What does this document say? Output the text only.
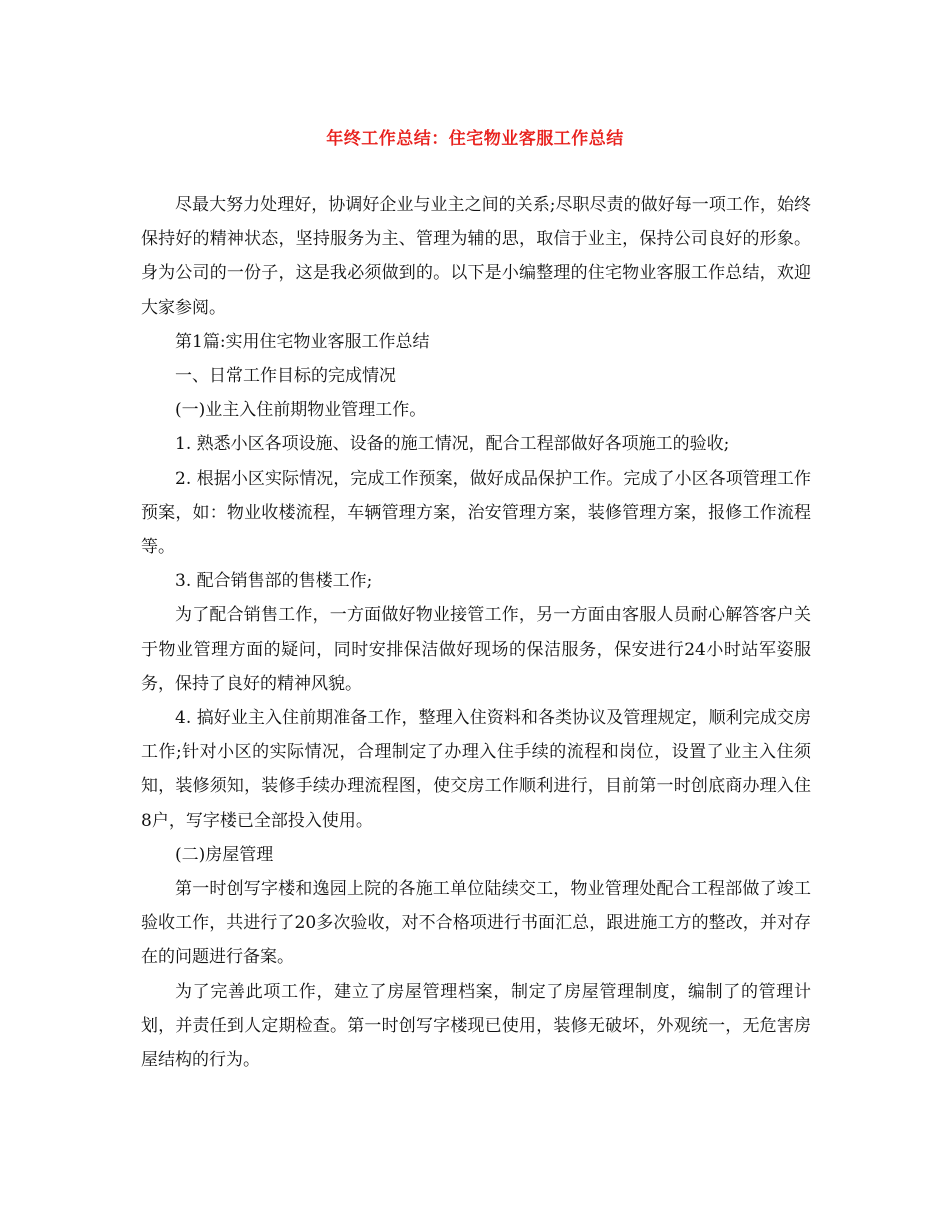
年终工作总结：住宅物业客服工作总结

尽最大努力处理好，协调好企业与业主之间的关系;尽职尽责的做好每一项工作，始终保持好的精神状态，坚持服务为主、管理为辅的思，取信于业主，保持公司良好的形象。身为公司的一份子，这是我必须做到的。以下是小编整理的住宅物业客服工作总结，欢迎大家参阅。

第1篇:实用住宅物业客服工作总结

一、日常工作目标的完成情况

(一)业主入住前期物业管理工作。

1. 熟悉小区各项设施、设备的施工情况，配合工程部做好各项施工的验收;

2. 根据小区实际情况，完成工作预案，做好成品保护工作。完成了小区各项管理工作预案，如：物业收楼流程，车辆管理方案，治安管理方案，装修管理方案，报修工作流程等。

3. 配合销售部的售楼工作;

为了配合销售工作，一方面做好物业接管工作，另一方面由客服人员耐心解答客户关于物业管理方面的疑问，同时安排保洁做好现场的保洁服务，保安进行24小时站军姿服务，保持了良好的精神风貌。

4. 搞好业主入住前期准备工作，整理入住资料和各类协议及管理规定，顺利完成交房工作;针对小区的实际情况，合理制定了办理入住手续的流程和岗位，设置了业主入住须知，装修须知，装修手续办理流程图，使交房工作顺利进行，目前第一时创底商办理入住8户，写字楼已全部投入使用。

(二)房屋管理

第一时创写字楼和逸园上院的各施工单位陆续交工，物业管理处配合工程部做了竣工验收工作，共进行了20多次验收，对不合格项进行书面汇总，跟进施工方的整改，并对存在的问题进行备案。

为了完善此项工作，建立了房屋管理档案，制定了房屋管理制度，编制了的管理计划，并责任到人定期检查。第一时创写字楼现已使用，装修无破坏，外观统一，无危害房屋结构的行为。
